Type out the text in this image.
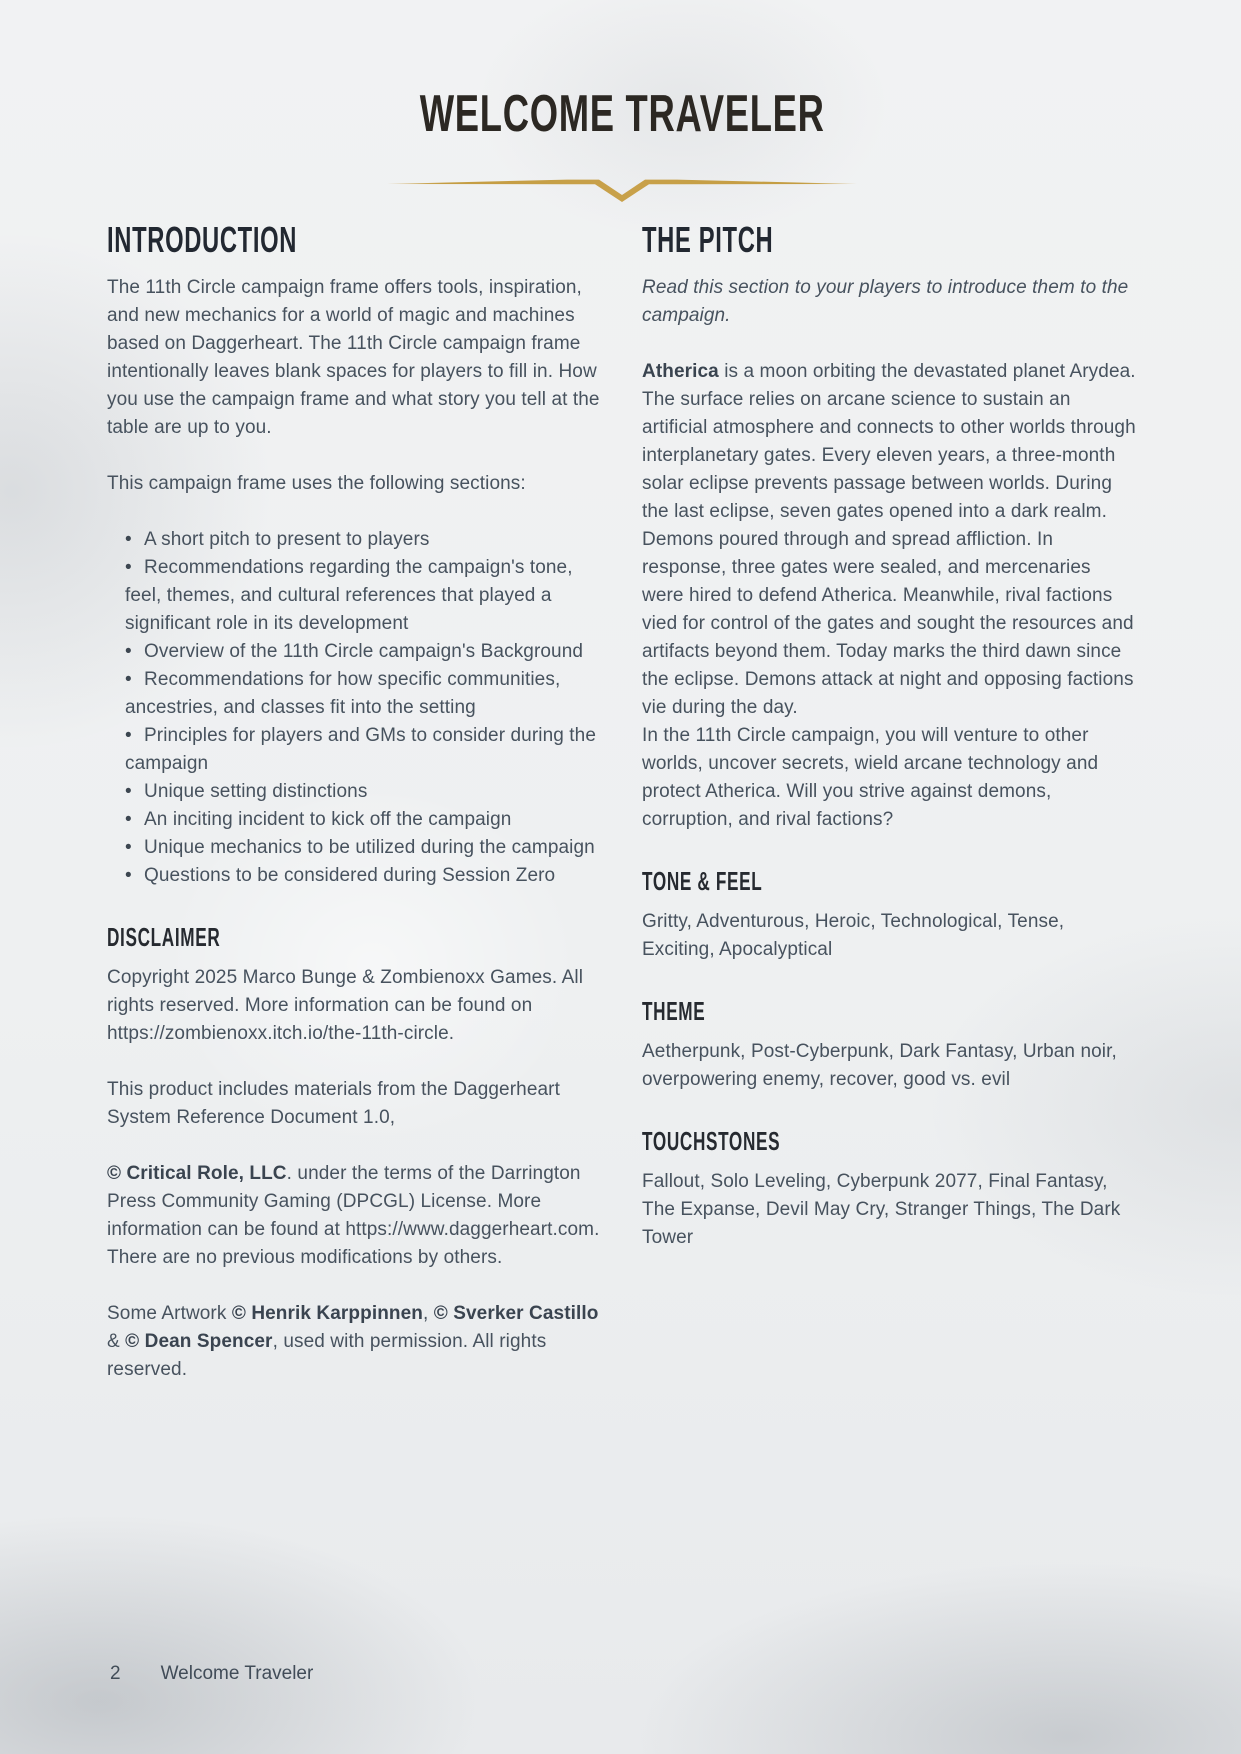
WELCOME TRAVELER
INTRODUCTION

The 11th Circle campaign frame offers tools, inspiration, and new mechanics for a world of magic and machines based on Daggerheart. The 11th Circle campaign frame intentionally leaves blank spaces for players to fill in. How you use the campaign frame and what story you tell at the table are up to you.

This campaign frame uses the following sections:

• A short pitch to present to players
• Recommendations regarding the campaign's tone, feel, themes, and cultural references that played a significant role in its development
• Overview of the 11th Circle campaign's Background
• Recommendations for how specific communities, ancestries, and classes fit into the setting
• Principles for players and GMs to consider during the campaign
• Unique setting distinctions
• An inciting incident to kick off the campaign
• Unique mechanics to be utilized during the campaign
• Questions to be considered during Session Zero
DISCLAIMER

Copyright 2025 Marco Bunge & Zombienoxx Games. All rights reserved. More information can be found on https://zombienoxx.itch.io/the-11th-circle.

This product includes materials from the Daggerheart System Reference Document 1.0,

© Critical Role, LLC. under the terms of the Darrington Press Community Gaming (DPCGL) License. More information can be found at https://www.daggerheart.com. There are no previous modifications by others.

Some Artwork © Henrik Karppinnen, © Sverker Castillo & © Dean Spencer, used with permission. All rights reserved.

THE PITCH

Read this section to your players to introduce them to the campaign.

Atherica is a moon orbiting the devastated planet Arydea. The surface relies on arcane science to sustain an artificial atmosphere and connects to other worlds through interplanetary gates. Every eleven years, a three-month solar eclipse prevents passage between worlds. During the last eclipse, seven gates opened into a dark realm. Demons poured through and spread affliction. In response, three gates were sealed, and mercenaries were hired to defend Atherica. Meanwhile, rival factions vied for control of the gates and sought the resources and artifacts beyond them. Today marks the third dawn since the eclipse. Demons attack at night and opposing factions vie during the day.
In the 11th Circle campaign, you will venture to other worlds, uncover secrets, wield arcane technology and protect Atherica. Will you strive against demons, corruption, and rival factions?

TONE & FEEL

Gritty, Adventurous, Heroic, Technological, Tense, Exciting, Apocalyptical

THEME

Aetherpunk, Post-Cyberpunk, Dark Fantasy, Urban noir, overpowering enemy, recover, good vs. evil

TOUCHSTONES

Fallout, Solo Leveling, Cyberpunk 2077, Final Fantasy, The Expanse, Devil May Cry, Stranger Things, The Dark Tower

2 Welcome Traveler
